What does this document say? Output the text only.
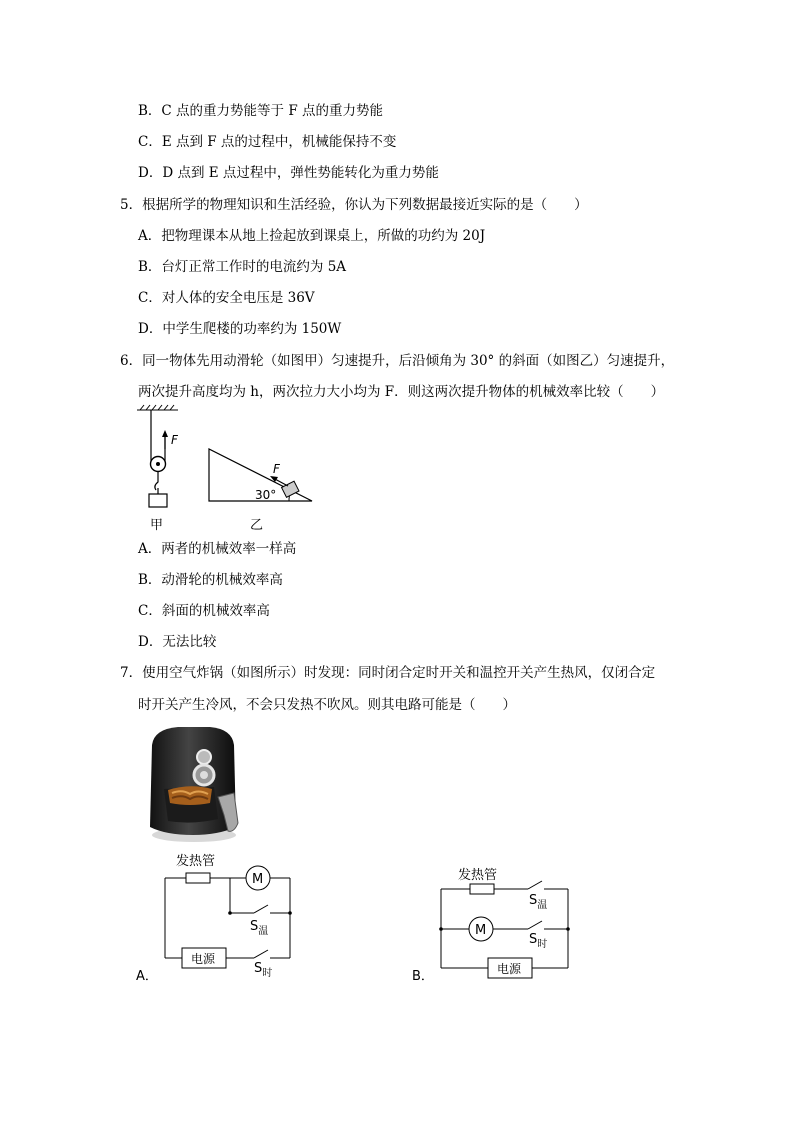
B．C 点的重力势能等于 F 点的重力势能
C．E 点到 F 点的过程中，机械能保持不变
D．D 点到 E 点过程中，弹性势能转化为重力势能
5．根据所学的物理知识和生活经验，你认为下列数据最接近实际的是（　　）
A．把物理课本从地上捡起放到课桌上，所做的功约为 20J
B．台灯正常工作时的电流约为 5A
C．对人体的安全电压是 36V
D．中学生爬楼的功率约为 150W
6．同一物体先用动滑轮（如图甲）匀速提升，后沿倾角为 30° 的斜面（如图乙）匀速提升，
两次提升高度均为 h，两次拉力大小均为 F．则这两次提升物体的机械效率比较（　　）
F
甲
30°
F
乙
A．两者的机械效率一样高
B．动滑轮的机械效率高
C．斜面的机械效率高
D．无法比较
7．使用空气炸锅（如图所示）时发现：同时闭合定时开关和温控开关产生热风，仅闭合定
时开关产生冷风，不会只发热不吹风。则其电路可能是（　　）
发热管
M
$S_温$
电源
$S_时$
A．
发热管
M
$S_温$
$S_时$
电源
B．
